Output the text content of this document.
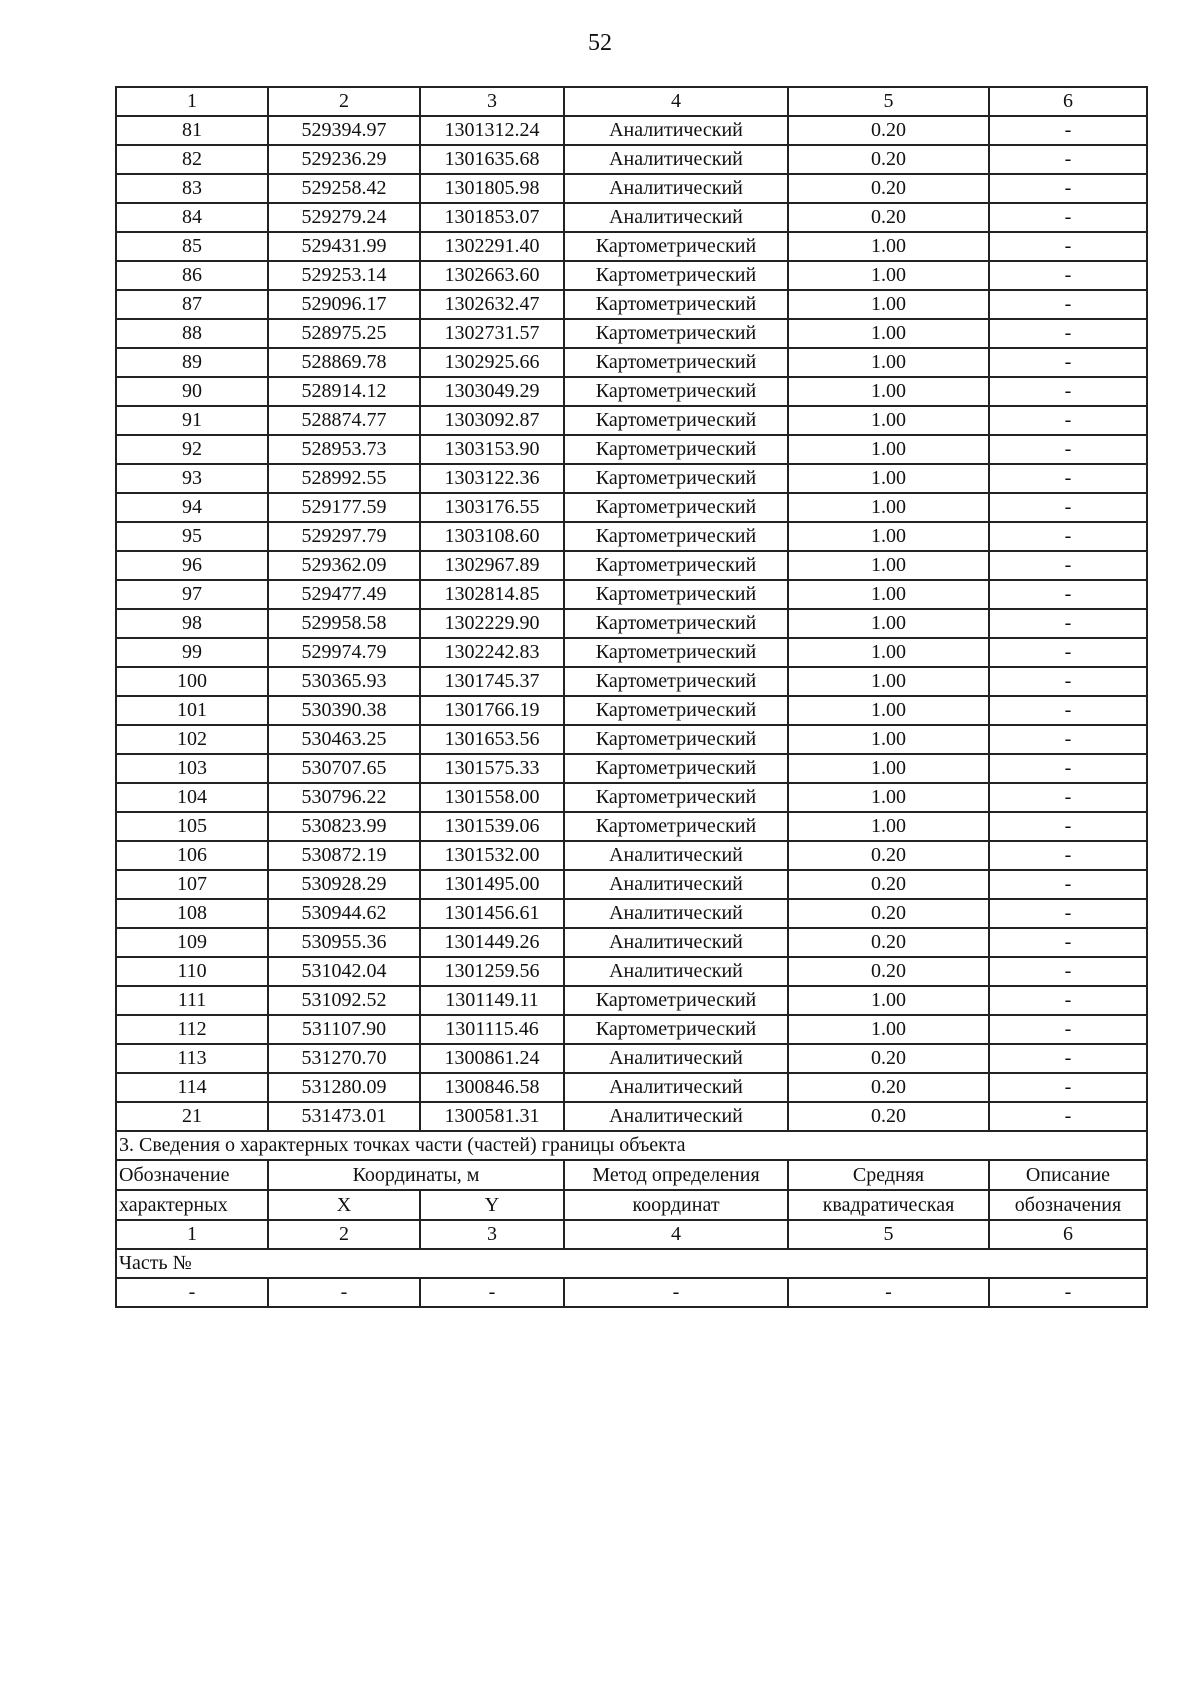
52
1	2	3	4	5	6
81	529394.97	1301312.24	Аналитический	0.20	-
82	529236.29	1301635.68	Аналитический	0.20	-
83	529258.42	1301805.98	Аналитический	0.20	-
84	529279.24	1301853.07	Аналитический	0.20	-
85	529431.99	1302291.40	Картометрический	1.00	-
86	529253.14	1302663.60	Картометрический	1.00	-
87	529096.17	1302632.47	Картометрический	1.00	-
88	528975.25	1302731.57	Картометрический	1.00	-
89	528869.78	1302925.66	Картометрический	1.00	-
90	528914.12	1303049.29	Картометрический	1.00	-
91	528874.77	1303092.87	Картометрический	1.00	-
92	528953.73	1303153.90	Картометрический	1.00	-
93	528992.55	1303122.36	Картометрический	1.00	-
94	529177.59	1303176.55	Картометрический	1.00	-
95	529297.79	1303108.60	Картометрический	1.00	-
96	529362.09	1302967.89	Картометрический	1.00	-
97	529477.49	1302814.85	Картометрический	1.00	-
98	529958.58	1302229.90	Картометрический	1.00	-
99	529974.79	1302242.83	Картометрический	1.00	-
100	530365.93	1301745.37	Картометрический	1.00	-
101	530390.38	1301766.19	Картометрический	1.00	-
102	530463.25	1301653.56	Картометрический	1.00	-
103	530707.65	1301575.33	Картометрический	1.00	-
104	530796.22	1301558.00	Картометрический	1.00	-
105	530823.99	1301539.06	Картометрический	1.00	-
106	530872.19	1301532.00	Аналитический	0.20	-
107	530928.29	1301495.00	Аналитический	0.20	-
108	530944.62	1301456.61	Аналитический	0.20	-
109	530955.36	1301449.26	Аналитический	0.20	-
110	531042.04	1301259.56	Аналитический	0.20	-
111	531092.52	1301149.11	Картометрический	1.00	-
112	531107.90	1301115.46	Картометрический	1.00	-
113	531270.70	1300861.24	Аналитический	0.20	-
114	531280.09	1300846.58	Аналитический	0.20	-
21	531473.01	1300581.31	Аналитический	0.20	-
3. Сведения о характерных точках части (частей) границы объекта					
Обозначение	Координаты, м		Метод определения	Средняя	Описание
характерных	X	Y	координат	квадратическая	обозначения
1	2	3	4	5	6
Часть №					
-	-	-	-	-	-
